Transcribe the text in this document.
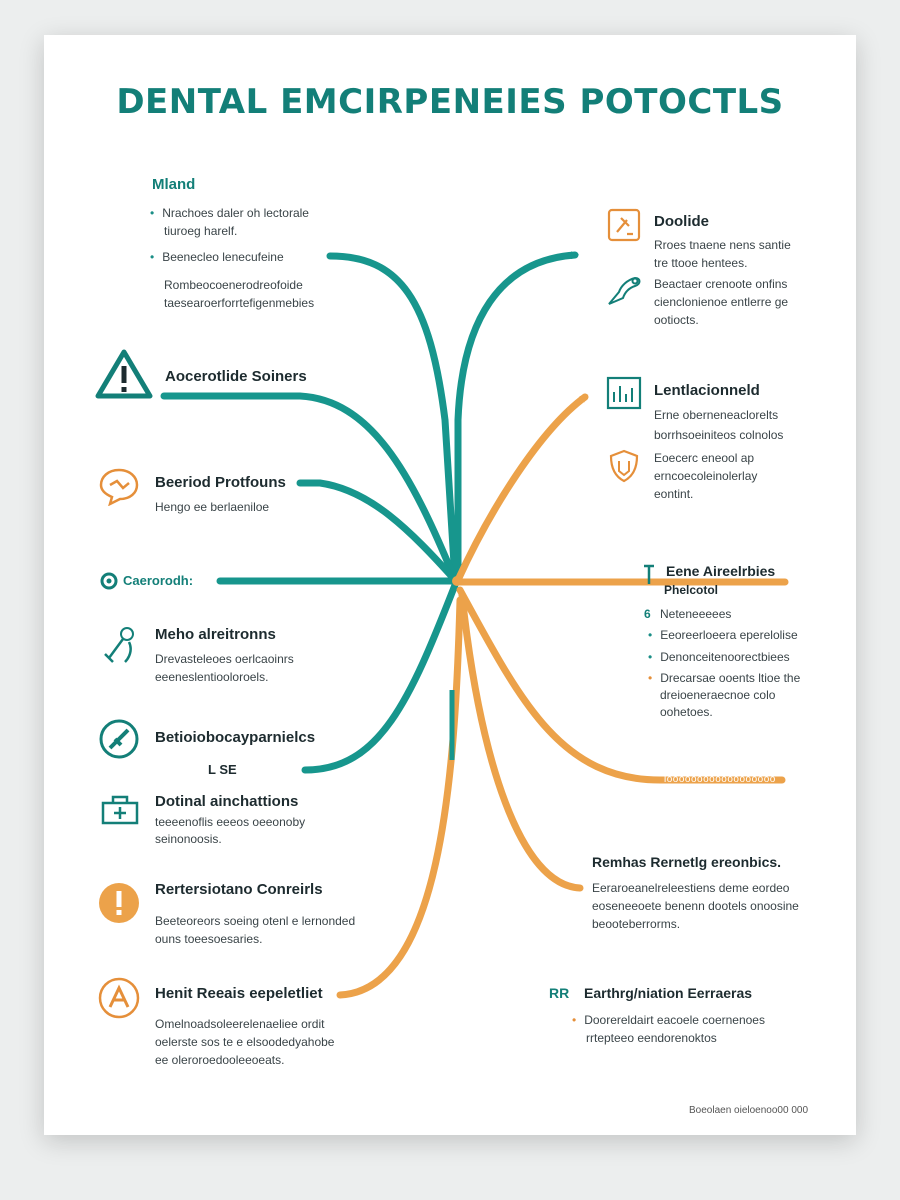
DENTAL EMCIRPENEIES POTOCTLS
Mland
• Nrachoes daler oh lectorale
tiuroeg harelf.
• Beenecleo lenecufeine
Rombeocoenerodreofoide
taesearoerforrtefigenmebies
Aocerotlide Soiners
Beeriod Protfouns
Hengo ee berlaeniloe
Caerorodh:
Meho alreitronns
Drevasteleoes oerlcaoinrs
eeeneslentiooloroels.
Betioiobocayparnielcs
L SE
Dotinal ainchattions
teeeenoflis eeeos oeeonoby
seinonoosis.
Rertersiotano Conreirls
Beeteoreors soeing otenl e lernonded
ouns toeesoesaries.
Henit Reeais eepeletliet
Omelnoadsoleerelenaeliee ordit
oelerste sos te e elsoodedyahobe
ee oleroroedooleeoeats.
Doolide
Rroes tnaene nens santie
tre ttooe hentees.
Beactaer crenoote onfins
cienclonienoe entlerre ge
ootiocts.
Lentlacionneld
Erne oberneneaclorelts
borrhsoeiniteos colnolos
Eoecerc eneool ap
erncoecoleinolerlay
eontint.
Eene Aireelrbies
Phelcotol
6 Neteneeeees
• Eeoreerloeera eperelolise
• Denonceitenoorectbiees
• Drecarsae ooents ltioe the
dreioeneraecnoe colo
oohetoes.
loooooooooooooooooo
Remhas Rernetlg ereonbics.
Eeraroeanelreleestiens deme eordeo
eoseneeoete benenn dootels onoosine
beooteberrorms.
RR Earthrg/niation Eerraeras
• Doorereldairt eacoele coernenoes
rrtepteeo eendorenoktos
Boeolaen oieloenoo00 000
